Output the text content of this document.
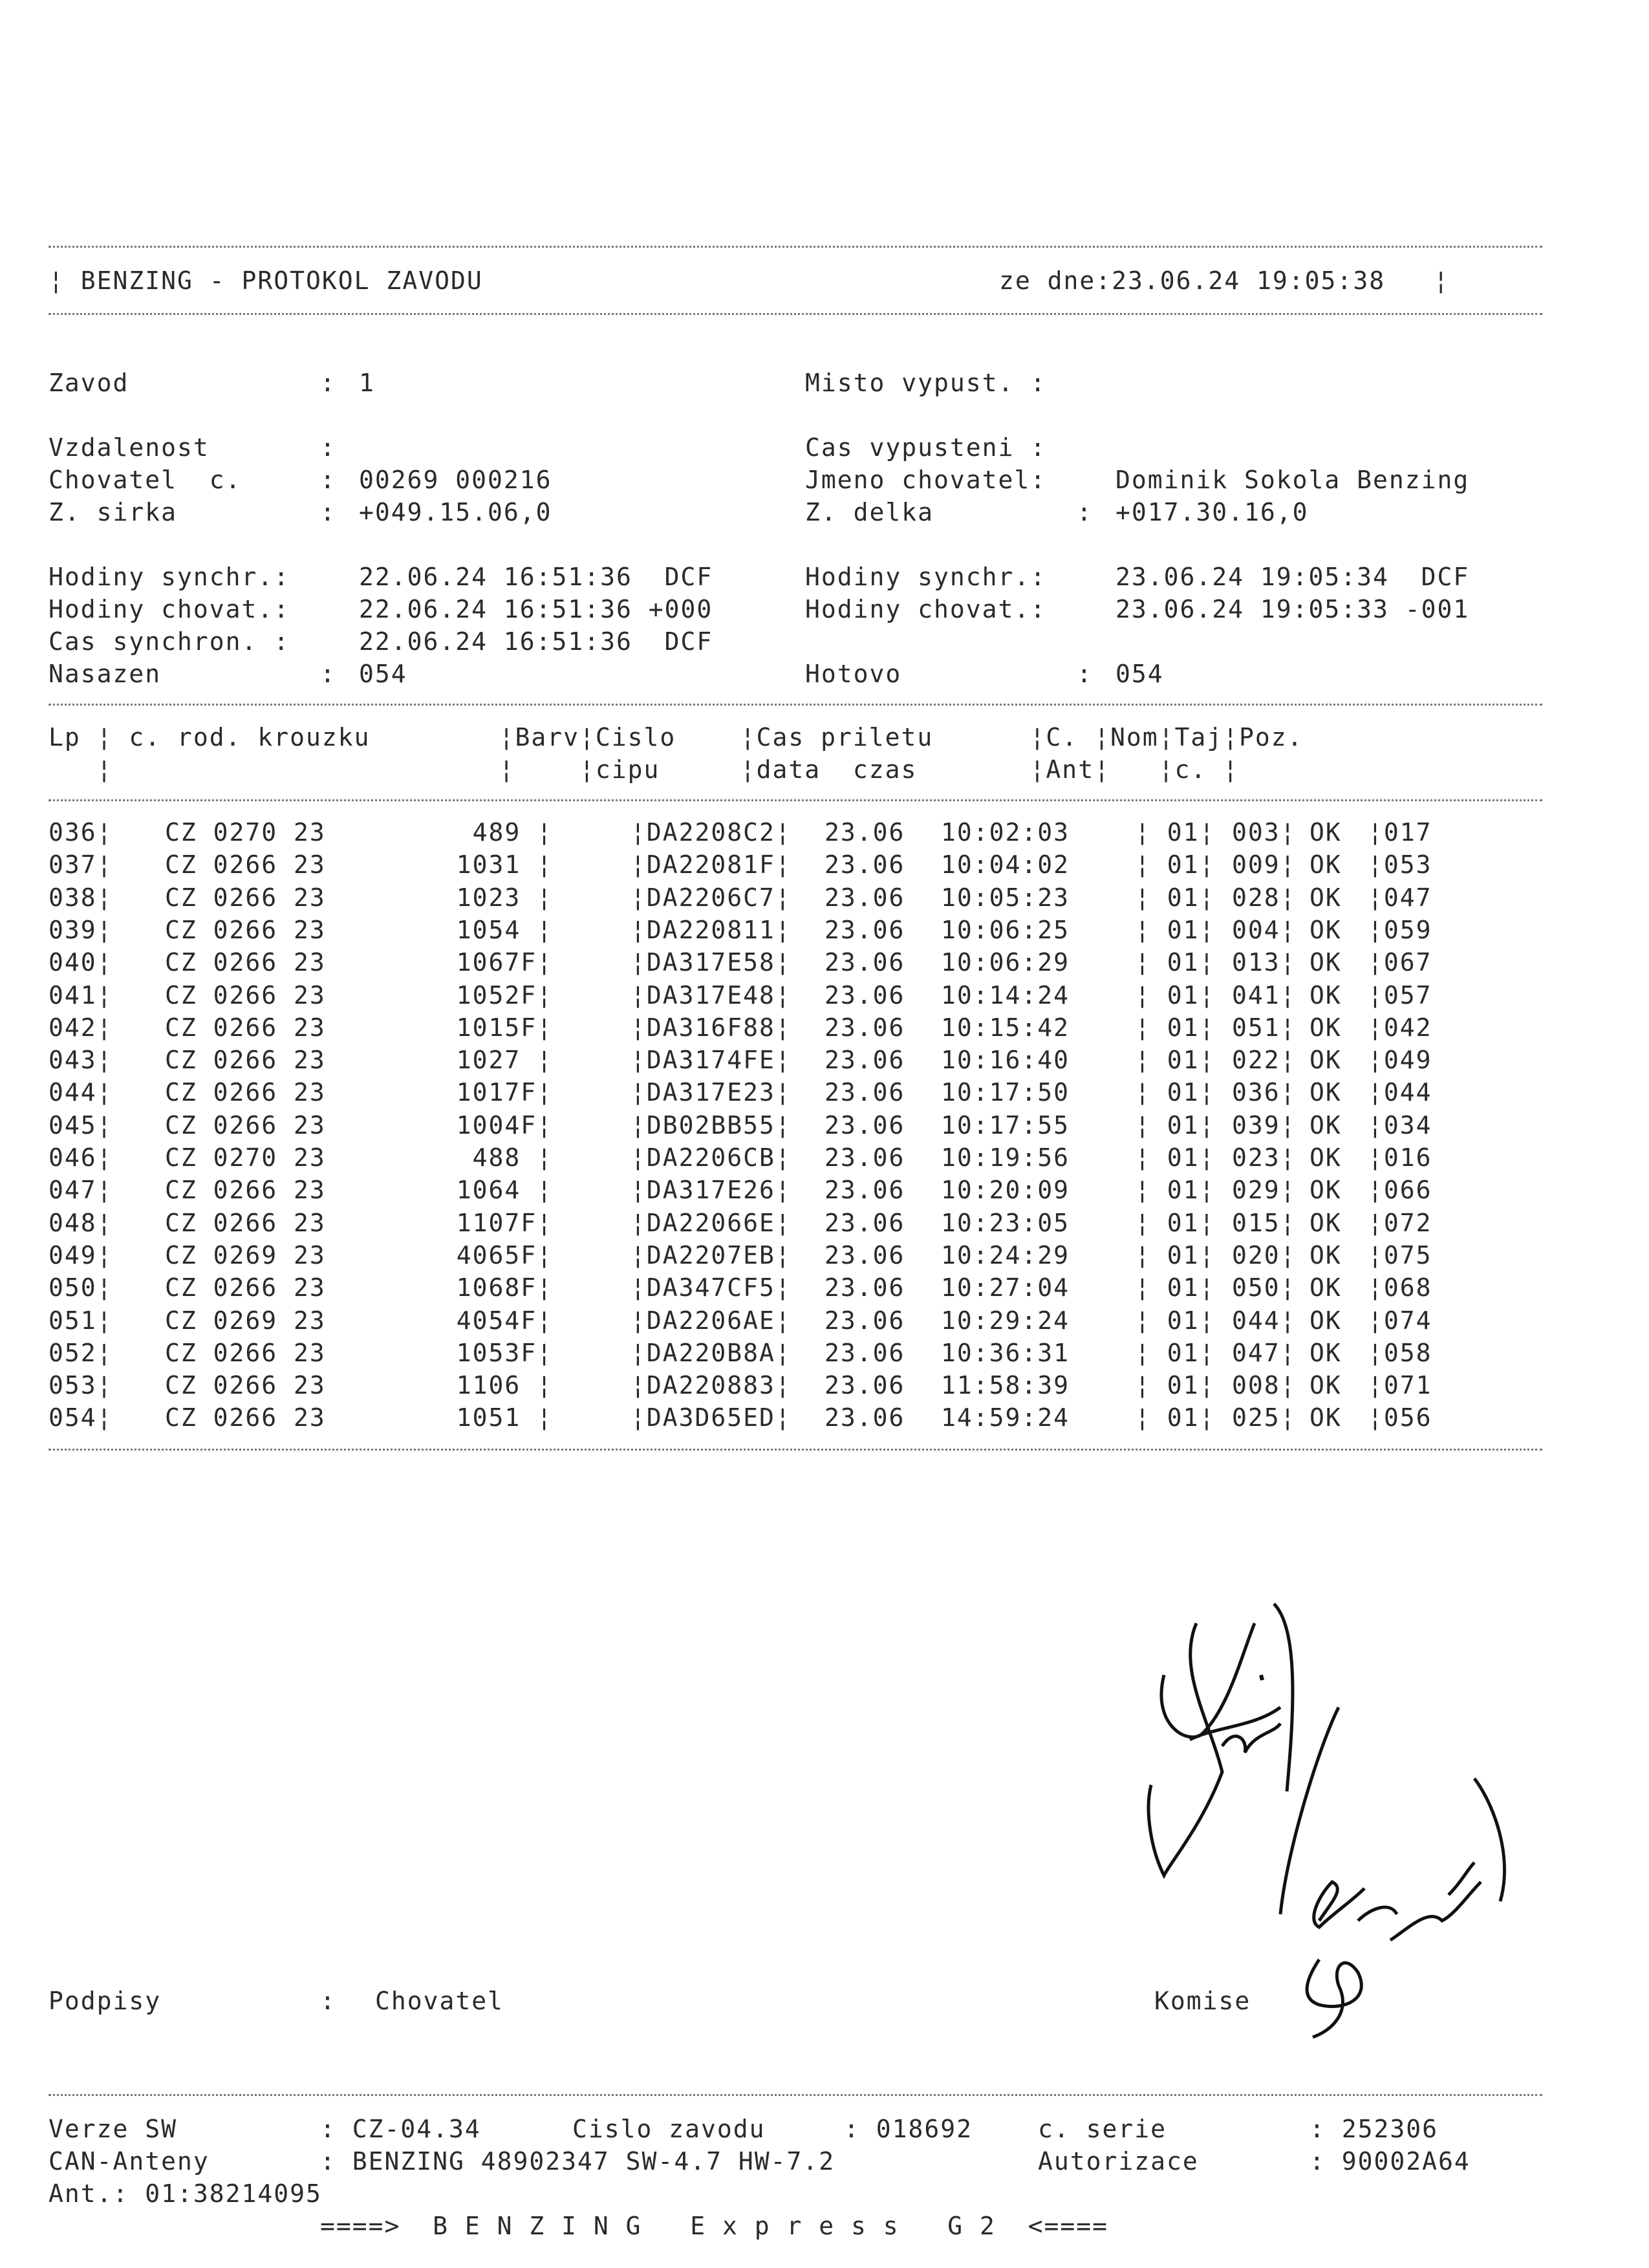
¦ BENZING - PROTOKOL ZAVODU	ze dne:23.06.24 19:05:38   ¦
Zavod	: 1	Misto vypust. :
Vzdalenost	:	Cas vypusteni :
Chovatel  c.	: 00269 000216	Jmeno chovatel:	Dominik Sokola Benzing
Z. sirka	: +049.15.06,0	Z. delka	: +017.30.16,0
Hodiny synchr.:	22.06.24 16:51:36  DCF	Hodiny synchr.:	23.06.24 19:05:34  DCF
Hodiny chovat.:	22.06.24 16:51:36 +000	Hodiny chovat.:	23.06.24 19:05:33 -001
Cas synchron. :	22.06.24 16:51:36  DCF
Nasazen	: 054	Hotovo	: 054
Lp ¦ c. rod. krouzku        ¦Barv¦Cislo    ¦Cas priletu      ¦C. ¦Nom¦Taj¦Poz.
¦                        ¦    ¦cipu     ¦data  czas       ¦Ant¦   ¦c. ¦
036¦	CZ 0270 23	489 ¦	¦DA2208C2¦	23.06	10:02:03	¦ 01¦ 003¦ OK	¦017
037¦	CZ 0266 23	1031 ¦	¦DA22081F¦	23.06	10:04:02	¦ 01¦ 009¦ OK	¦053
038¦	CZ 0266 23	1023 ¦	¦DA2206C7¦	23.06	10:05:23	¦ 01¦ 028¦ OK	¦047
039¦	CZ 0266 23	1054 ¦	¦DA220811¦	23.06	10:06:25	¦ 01¦ 004¦ OK	¦059
040¦	CZ 0266 23	1067F¦	¦DA317E58¦	23.06	10:06:29	¦ 01¦ 013¦ OK	¦067
041¦	CZ 0266 23	1052F¦	¦DA317E48¦	23.06	10:14:24	¦ 01¦ 041¦ OK	¦057
042¦	CZ 0266 23	1015F¦	¦DA316F88¦	23.06	10:15:42	¦ 01¦ 051¦ OK	¦042
043¦	CZ 0266 23	1027 ¦	¦DA3174FE¦	23.06	10:16:40	¦ 01¦ 022¦ OK	¦049
044¦	CZ 0266 23	1017F¦	¦DA317E23¦	23.06	10:17:50	¦ 01¦ 036¦ OK	¦044
045¦	CZ 0266 23	1004F¦	¦DB02BB55¦	23.06	10:17:55	¦ 01¦ 039¦ OK	¦034
046¦	CZ 0270 23	488 ¦	¦DA2206CB¦	23.06	10:19:56	¦ 01¦ 023¦ OK	¦016
047¦	CZ 0266 23	1064 ¦	¦DA317E26¦	23.06	10:20:09	¦ 01¦ 029¦ OK	¦066
048¦	CZ 0266 23	1107F¦	¦DA22066E¦	23.06	10:23:05	¦ 01¦ 015¦ OK	¦072
049¦	CZ 0269 23	4065F¦	¦DA2207EB¦	23.06	10:24:29	¦ 01¦ 020¦ OK	¦075
050¦	CZ 0266 23	1068F¦	¦DA347CF5¦	23.06	10:27:04	¦ 01¦ 050¦ OK	¦068
051¦	CZ 0269 23	4054F¦	¦DA2206AE¦	23.06	10:29:24	¦ 01¦ 044¦ OK	¦074
052¦	CZ 0266 23	1053F¦	¦DA220B8A¦	23.06	10:36:31	¦ 01¦ 047¦ OK	¦058
053¦	CZ 0266 23	1106 ¦	¦DA220883¦	23.06	11:58:39	¦ 01¦ 008¦ OK	¦071
054¦	CZ 0266 23	1051 ¦	¦DA3D65ED¦	23.06	14:59:24	¦ 01¦ 025¦ OK	¦056
Podpisy	: Chovatel	Komise
Verze SW	: CZ-04.34	Cislo zavodu	: 018692	c. serie	: 252306
CAN-Anteny	: BENZING 48902347 SW-4.7 HW-7.2	Autorizace	: 90002A64
Ant.: 01:38214095
====>  B E N Z I N G   E x p r e s s   G 2  <====
